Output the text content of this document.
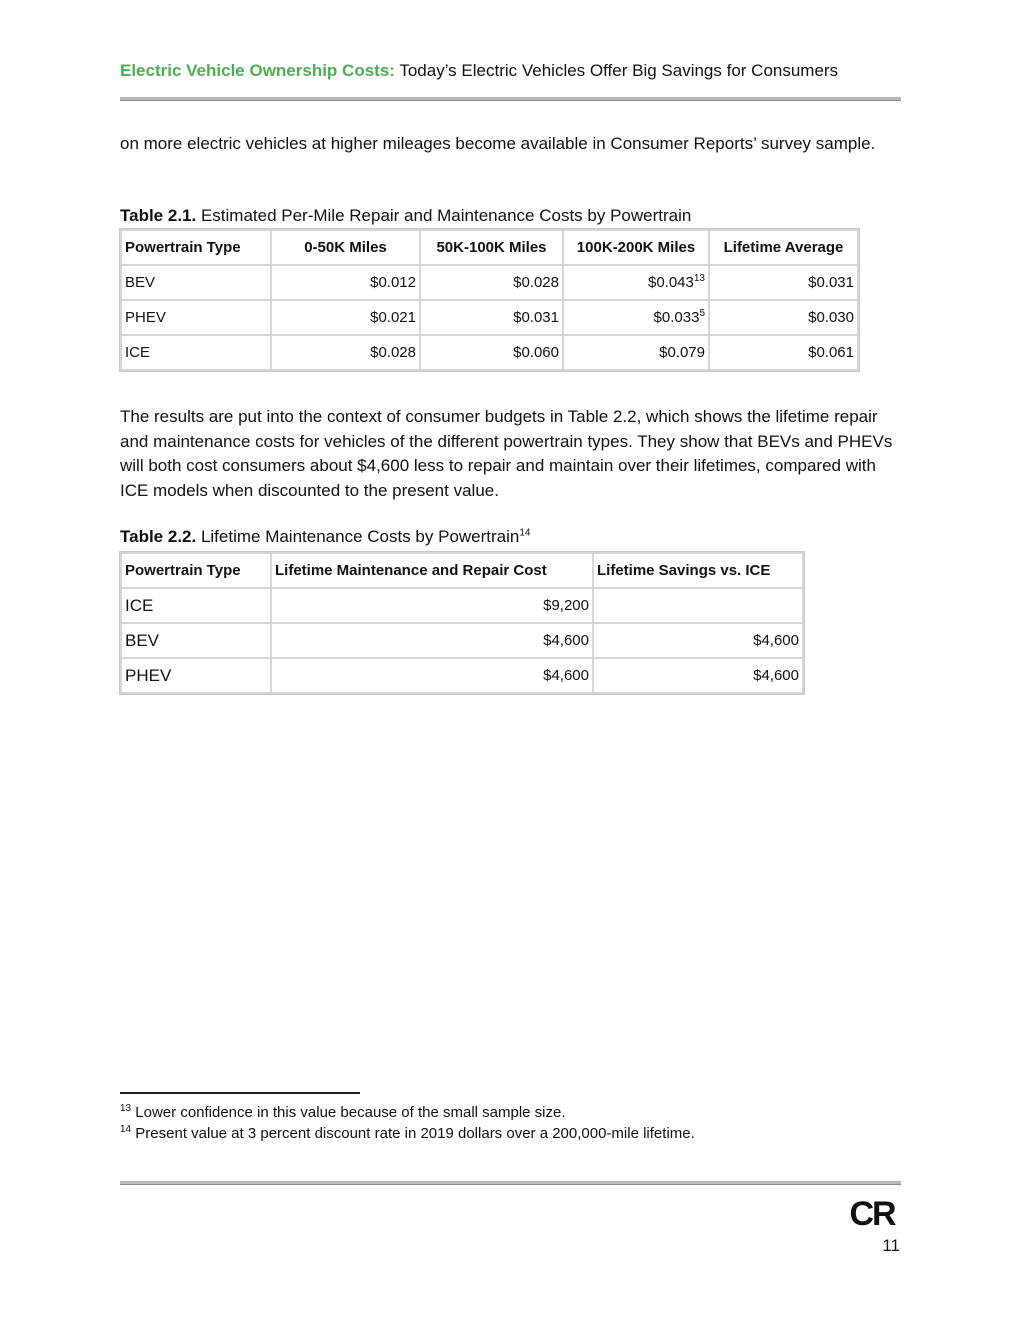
Electric Vehicle Ownership Costs: Today’s Electric Vehicles Offer Big Savings for Consumers

on more electric vehicles at higher mileages become available in Consumer Reports’ survey sample.

Table 2.1. Estimated Per-Mile Repair and Maintenance Costs by Powertrain
Powertrain Type	0-50K Miles	50K-100K Miles	100K-200K Miles	Lifetime Average
BEV	$0.012	$0.028	$0.043$^{13}$	$0.031
PHEV	$0.021	$0.031	$0.033$^5$	$0.030
ICE	$0.028	$0.060	$0.079	$0.061

The results are put into the context of consumer budgets in Table 2.2, which shows the lifetime repair and maintenance costs for vehicles of the different powertrain types. They show that BEVs and PHEVs will both cost consumers about $4,600 less to repair and maintain over their lifetimes, compared with ICE models when discounted to the present value.

Table 2.2. Lifetime Maintenance Costs by Powertrain$^{14}$
Powertrain Type	Lifetime Maintenance and Repair Cost	Lifetime Savings vs. ICE
ICE	$9,200	
BEV	$4,600	$4,600
PHEV	$4,600	$4,600
$^{13}$ Lower confidence in this value because of the small sample size.
$^{14}$ Present value at 3 percent discount rate in 2019 dollars over a 200,000-mile lifetime.
CR
11
